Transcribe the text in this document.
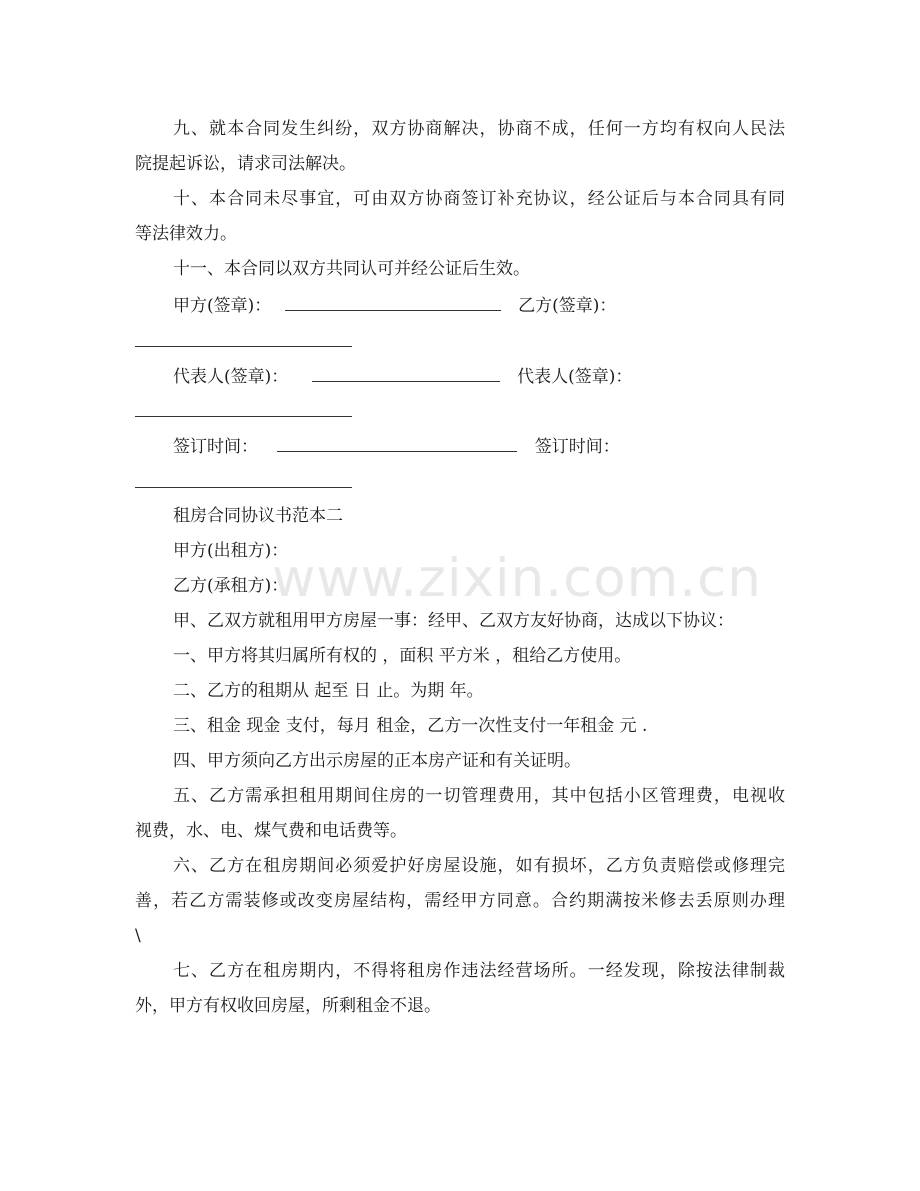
九、就本合同发生纠纷，双方协商解决，协商不成，任何一方均有权向人民法
院提起诉讼，请求司法解决。
十、本合同未尽事宜，可由双方协商签订补充协议，经公证后与本合同具有同
等法律效力。
十一、本合同以双方共同认可并经公证后生效。
甲方(签章)：	乙方(签章)：
代表人(签章)：	代表人(签章)：
签订时间：	签订时间：
租房合同协议书范本二
甲方(出租方)：
乙方(承租方)：
甲、乙双方就租用甲方房屋一事：经甲、乙双方友好协商，达成以下协议：
一、甲方将其归属所有权的 ，面积 平方米 ，租给乙方使用。
二、乙方的租期从 起至 日 止。为期 年。
三、租金 现金 支付，每月 租金，乙方一次性支付一年租金 元 .
四、甲方须向乙方出示房屋的正本房产证和有关证明。
五、乙方需承担租用期间住房的一切管理费用，其中包括小区管理费，电视收
视费，水、电、煤气费和电话费等。
六、乙方在租房期间必须爱护好房屋设施，如有损坏，乙方负责赔偿或修理完
善，若乙方需装修或改变房屋结构，需经甲方同意。合约期满按米修去丢原则办理
\
七、乙方在租房期内，不得将租房作违法经营场所。一经发现，除按法律制裁
外，甲方有权收回房屋，所剩租金不退。
www.zixin.com.cn
